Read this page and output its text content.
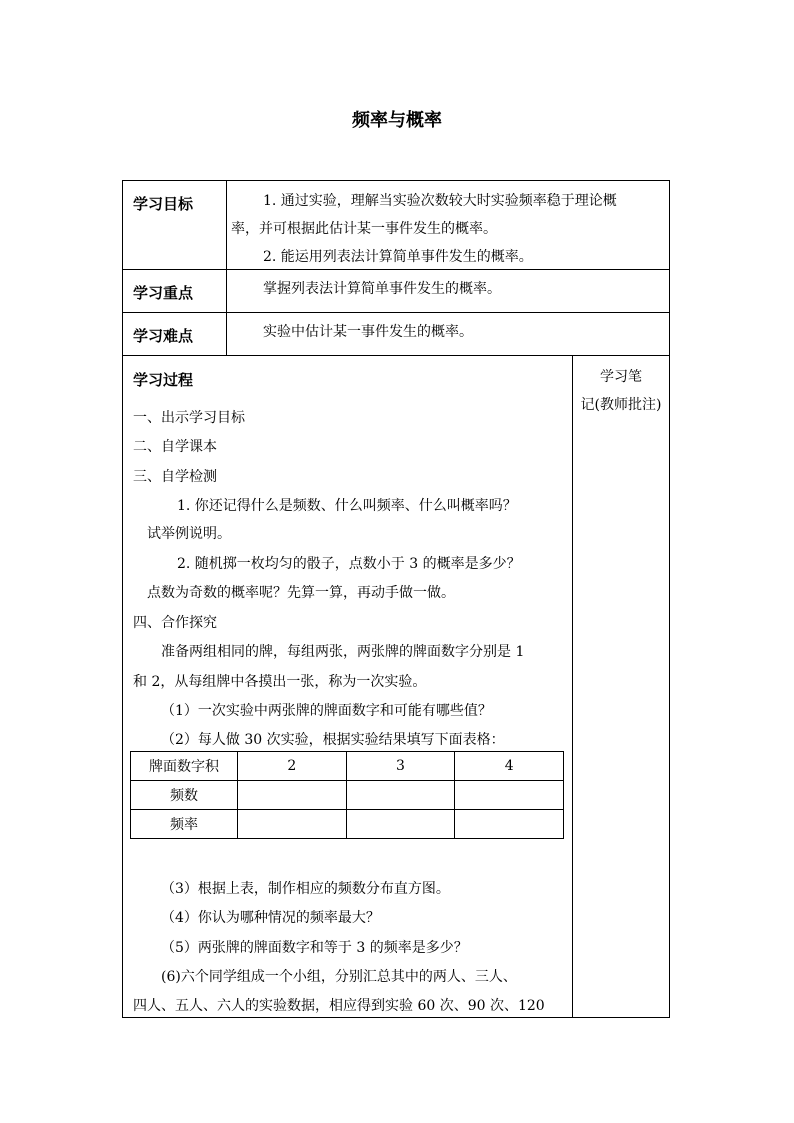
频率与概率
学习目标	1. 通过实验，理解当实验次数较大时实验频率稳于理论概
率，并可根据此估计某一事件发生的概率。
2. 能运用列表法计算简单事件发生的概率。
学习重点	掌握列表法计算简单事件发生的概率。
学习难点	实验中估计某一事件发生的概率。
学习过程	学习笔
记(教师批注)
一、出示学习目标
二、自学课本
三、自学检测
1. 你还记得什么是频数、什么叫频率、什么叫概率吗？
试举例说明。
2. 随机掷一枚均匀的骰子，点数小于 3 的概率是多少？
点数为奇数的概率呢？先算一算，再动手做一做。
四、合作探究
准备两组相同的牌，每组两张，两张牌的牌面数字分别是 1
和 2，从每组牌中各摸出一张，称为一次实验。
（1）一次实验中两张牌的牌面数字和可能有哪些值？
（2）每人做 30 次实验，根据实验结果填写下面表格：
牌面数字积	2	3	4
频数			
频率			
（3）根据上表，制作相应的频数分布直方图。
（4）你认为哪种情况的频率最大？
（5）两张牌的牌面数字和等于 3 的频率是多少？
(6)六个同学组成一个小组，分别汇总其中的两人、三人、
四人、五人、六人的实验数据，相应得到实验 60 次、90 次、120
